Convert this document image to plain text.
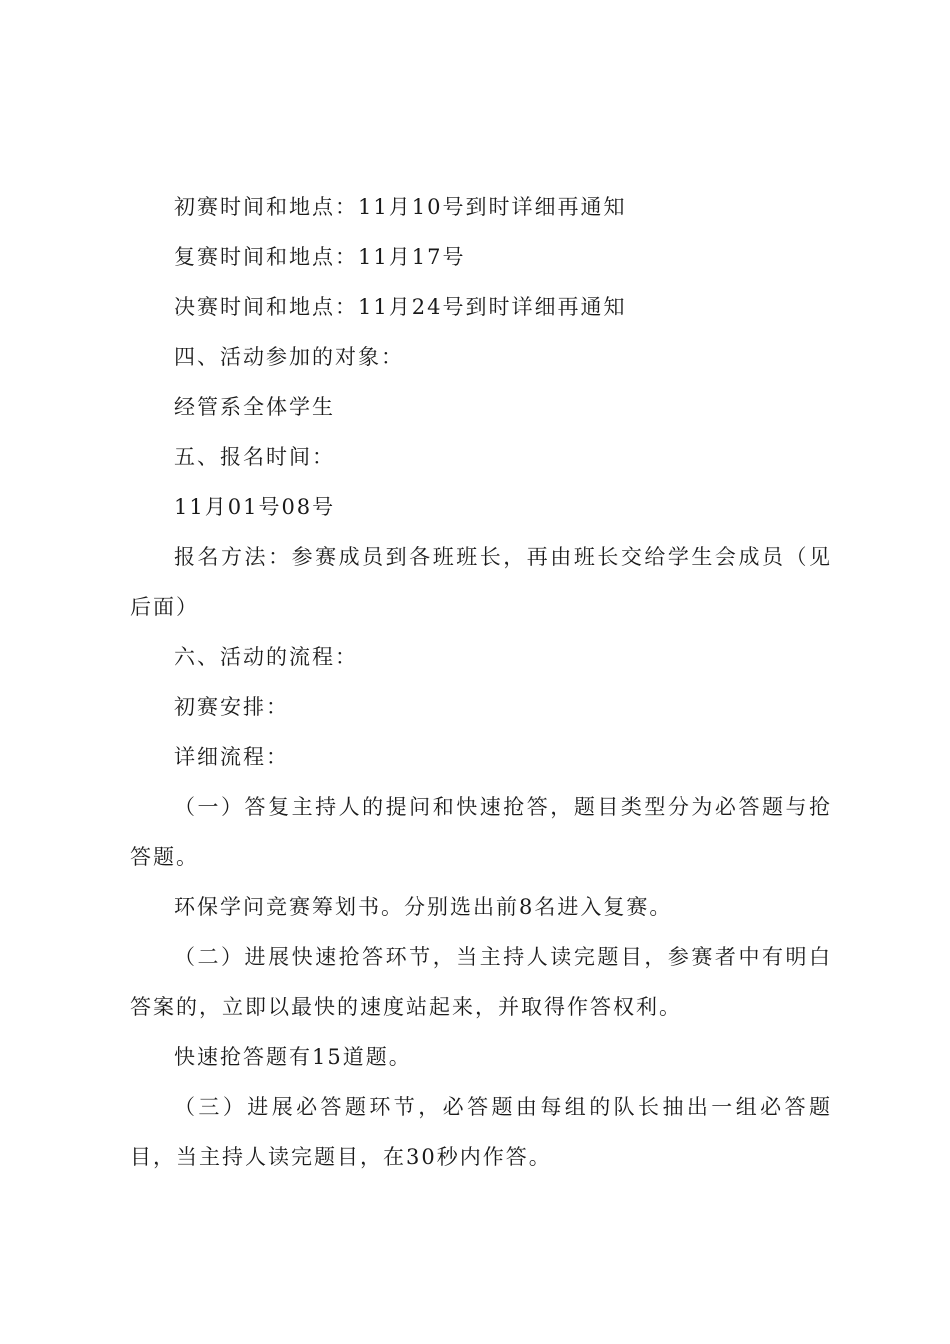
初赛时间和地点：11月10号到时详细再通知

复赛时间和地点：11月17号

决赛时间和地点：11月24号到时详细再通知

四、活动参加的对象：

经管系全体学生

五、报名时间：

11月01号08号

报名方法：参赛成员到各班班长，再由班长交给学生会成员（见后面）

六、活动的流程：

初赛安排：

详细流程：

（一）答复主持人的提问和快速抢答，题目类型分为必答题与抢答题。

环保学问竞赛筹划书。分别选出前8名进入复赛。

（二）进展快速抢答环节，当主持人读完题目，参赛者中有明白答案的，立即以最快的速度站起来，并取得作答权利。

快速抢答题有15道题。

（三）进展必答题环节，必答题由每组的队长抽出一组必答题目，当主持人读完题目，在30秒内作答。
